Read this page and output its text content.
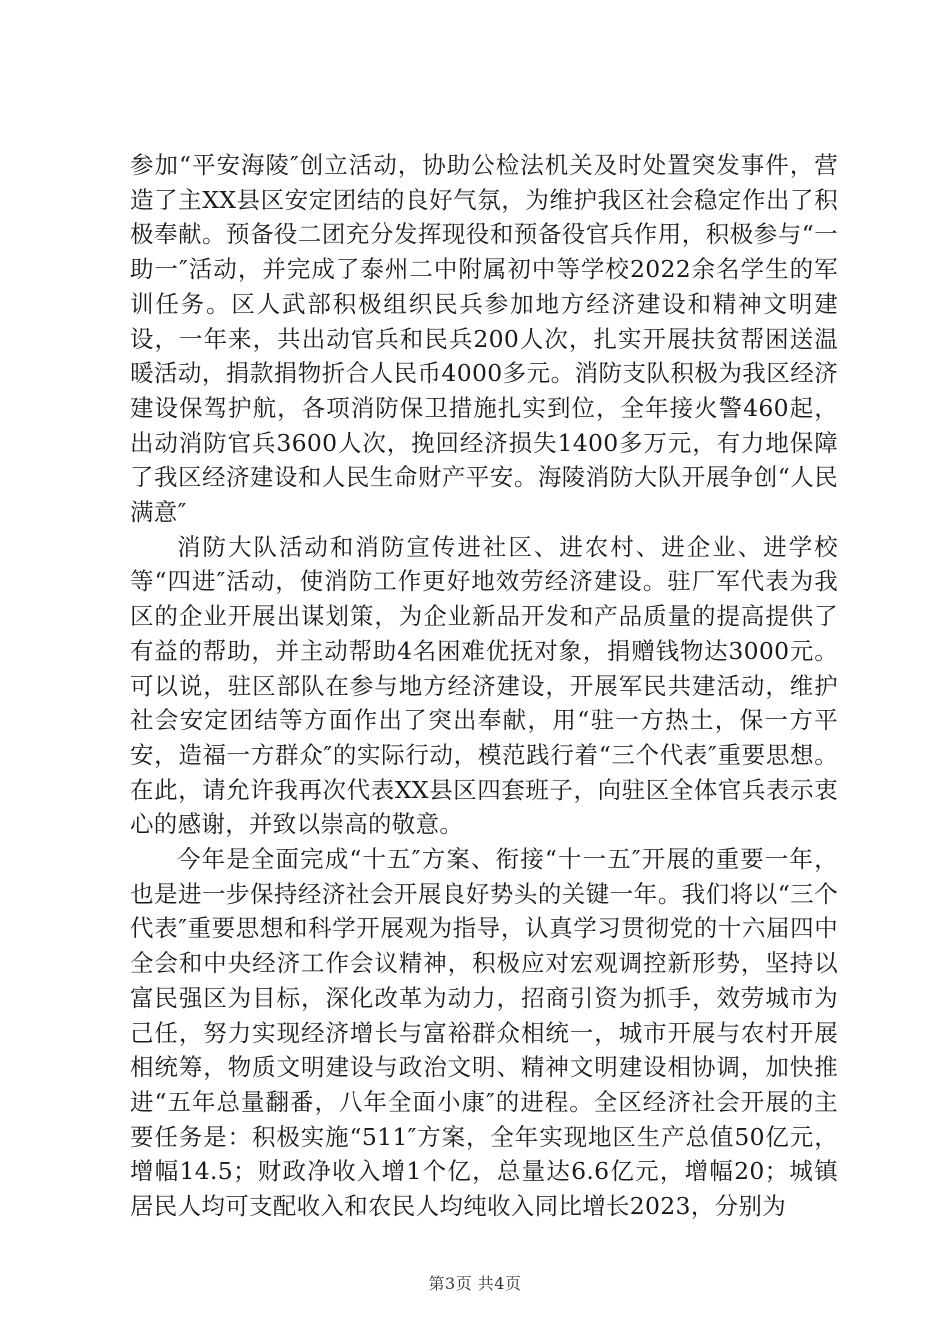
参加“平安海陵″创立活动，协助公检法机关及时处置突发事件，营造了主XX县区安定团结的良好气氛，为维护我区社会稳定作出了积极奉献。预备役二团充分发挥现役和预备役官兵作用，积极参与“一助一″活动，并完成了泰州二中附属初中等学校2022余名学生的军训任务。区人武部积极组织民兵参加地方经济建设和精神文明建设，一年来，共出动官兵和民兵200人次，扎实开展扶贫帮困送温暖活动，捐款捐物折合人民币4000多元。消防支队积极为我区经济建设保驾护航，各项消防保卫措施扎实到位，全年接火警460起，出动消防官兵3600人次，挽回经济损失1400多万元，有力地保障了我区经济建设和人民生命财产平安。海陵消防大队开展争创“人民满意″

消防大队活动和消防宣传进社区、进农村、进企业、进学校等“四进″活动，使消防工作更好地效劳经济建设。驻厂军代表为我区的企业开展出谋划策，为企业新品开发和产品质量的提高提供了有益的帮助，并主动帮助4名困难优抚对象，捐赠钱物达3000元。可以说，驻区部队在参与地方经济建设，开展军民共建活动，维护社会安定团结等方面作出了突出奉献，用“驻一方热土，保一方平安，造福一方群众″的实际行动，模范践行着“三个代表″重要思想。在此，请允许我再次代表XX县区四套班子，向驻区全体官兵表示衷心的感谢，并致以崇高的敬意。

今年是全面完成“十五″方案、衔接“十一五″开展的重要一年，也是进一步保持经济社会开展良好势头的关键一年。我们将以“三个代表″重要思想和科学开展观为指导，认真学习贯彻党的十六届四中全会和中央经济工作会议精神，积极应对宏观调控新形势，坚持以富民强区为目标，深化改革为动力，招商引资为抓手，效劳城市为己任，努力实现经济增长与富裕群众相统一，城市开展与农村开展相统筹，物质文明建设与政治文明、精神文明建设相协调，加快推进“五年总量翻番，八年全面小康″的进程。全区经济社会开展的主要任务是：积极实施“511″方案，全年实现地区生产总值50亿元，增幅14.5；财政净收入增1个亿，总量达6.6亿元，增幅20；城镇居民人均可支配收入和农民人均纯收入同比增长2023，分别为

第3页 共4页
